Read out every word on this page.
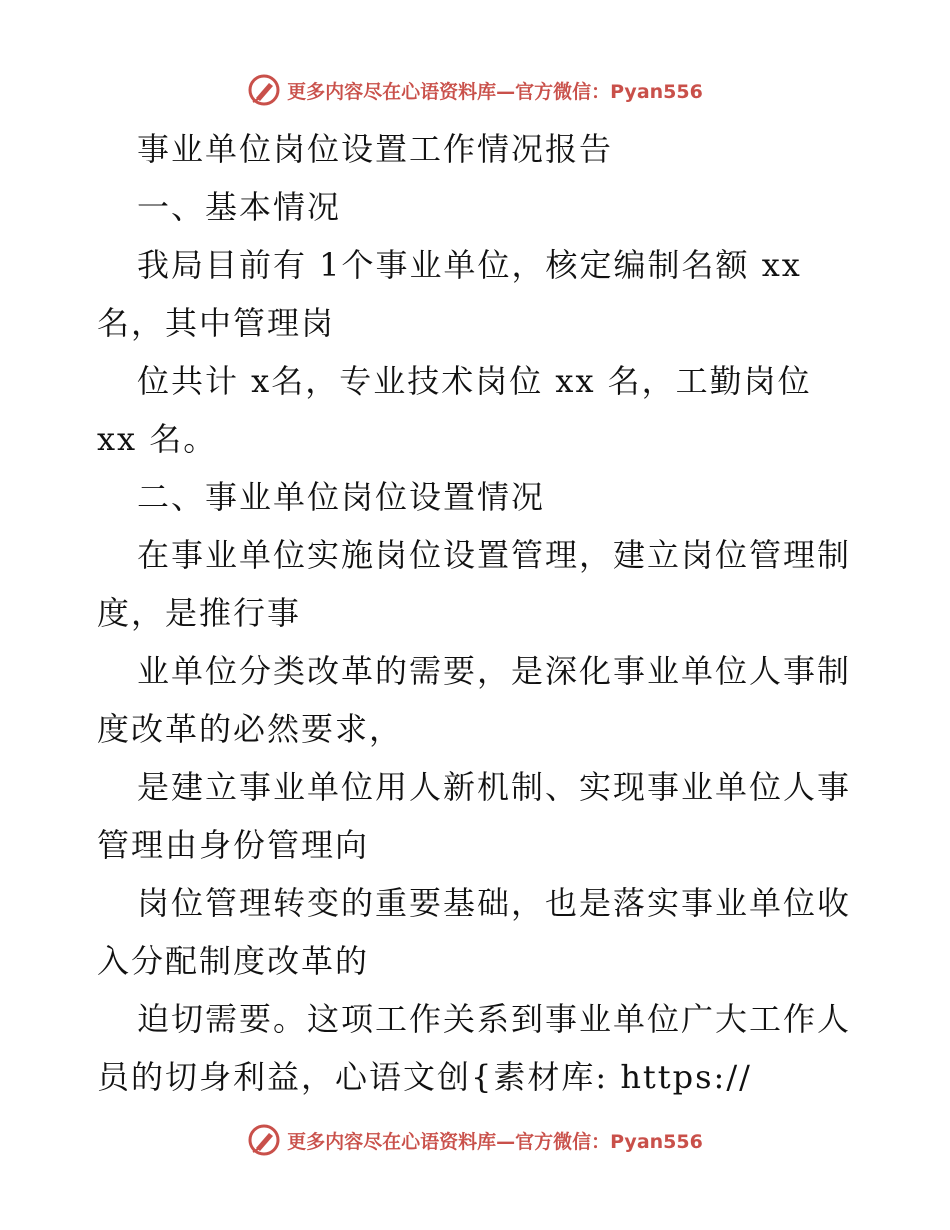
更多内容尽在心语资料库—官方微信：Pyan556
事业单位岗位设置工作情况报告
一、基本情况
我局目前有 1个事业单位，核定编制名额 xx
名，其中管理岗
位共计 x名，专业技术岗位 xx 名，工勤岗位
xx 名。
二、事业单位岗位设置情况
在事业单位实施岗位设置管理，建立岗位管理制
度，是推行事
业单位分类改革的需要，是深化事业单位人事制
度改革的必然要求，
是建立事业单位用人新机制、实现事业单位人事
管理由身份管理向
岗位管理转变的重要基础，也是落实事业单位收
入分配制度改革的
迫切需要。这项工作关系到事业单位广大工作人
员的切身利益，心语文创{素材库: https://
更多内容尽在心语资料库—官方微信：Pyan556
